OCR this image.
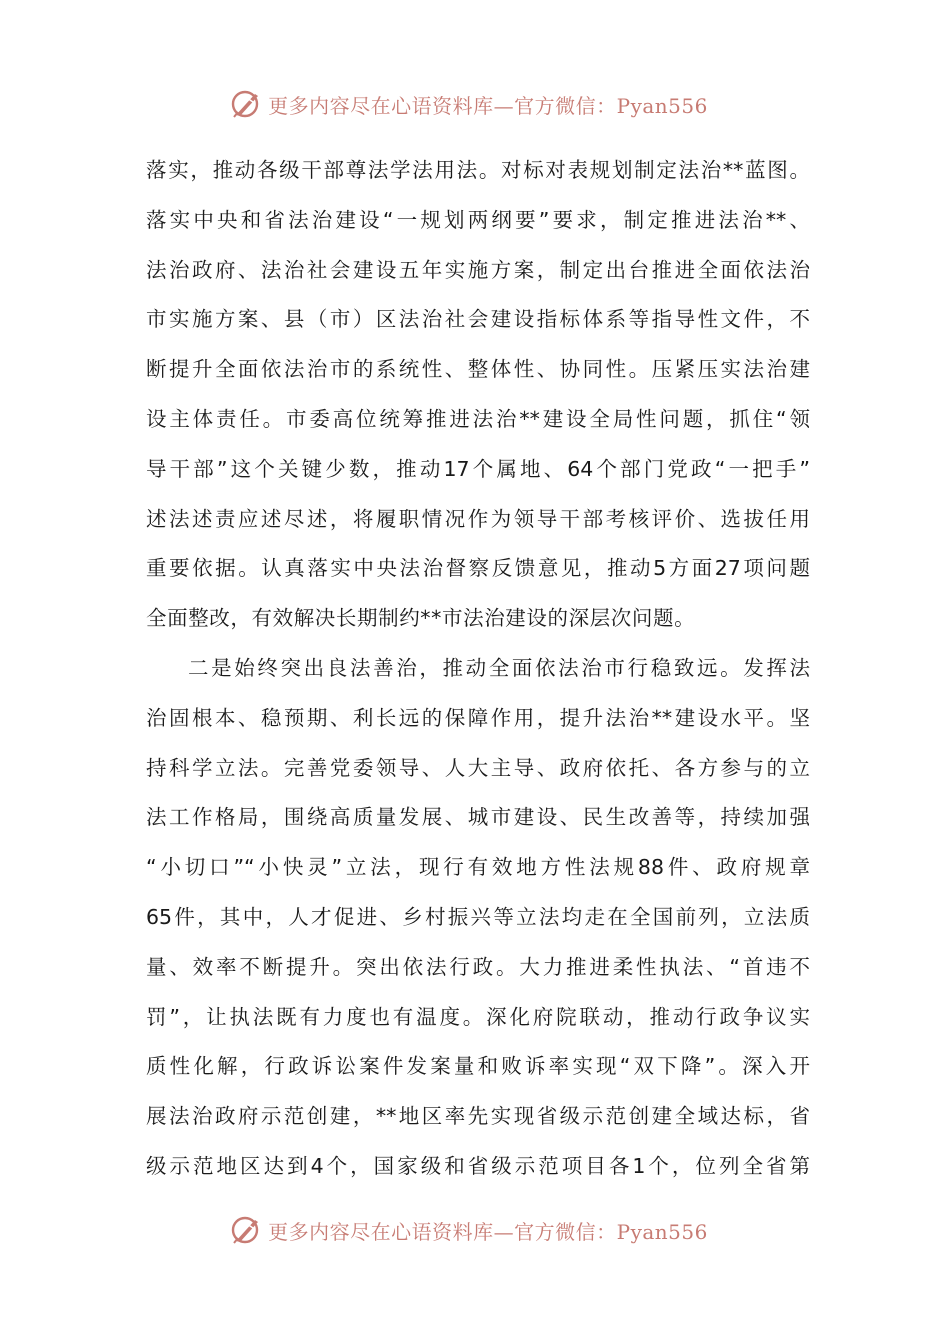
更多内容尽在心语资料库—官方微信：Pyan556
落实，推动各级干部尊法学法用法。对标对表规划制定法治**蓝图。
落实中央和省法治建设“一规划两纲要”要求，制定推进法治**、
法治政府、法治社会建设五年实施方案，制定出台推进全面依法治
市实施方案、县（市）区法治社会建设指标体系等指导性文件，不
断提升全面依法治市的系统性、整体性、协同性。压紧压实法治建
设主体责任。市委高位统筹推进法治**建设全局性问题，抓住“领
导干部”这个关键少数，推动17个属地、64个部门党政“一把手”
述法述责应述尽述，将履职情况作为领导干部考核评价、选拔任用
重要依据。认真落实中央法治督察反馈意见，推动5方面27项问题
全面整改，有效解决长期制约**市法治建设的深层次问题。
二是始终突出良法善治，推动全面依法治市行稳致远。发挥法
治固根本、稳预期、利长远的保障作用，提升法治**建设水平。坚
持科学立法。完善党委领导、人大主导、政府依托、各方参与的立
法工作格局，围绕高质量发展、城市建设、民生改善等，持续加强
“小切口”“小快灵”立法，现行有效地方性法规88件、政府规章
65件，其中，人才促进、乡村振兴等立法均走在全国前列，立法质
量、效率不断提升。突出依法行政。大力推进柔性执法、“首违不
罚”，让执法既有力度也有温度。深化府院联动，推动行政争议实
质性化解，行政诉讼案件发案量和败诉率实现“双下降”。深入开
展法治政府示范创建，**地区率先实现省级示范创建全域达标，省
级示范地区达到4个，国家级和省级示范项目各1个，位列全省第
更多内容尽在心语资料库—官方微信：Pyan556
